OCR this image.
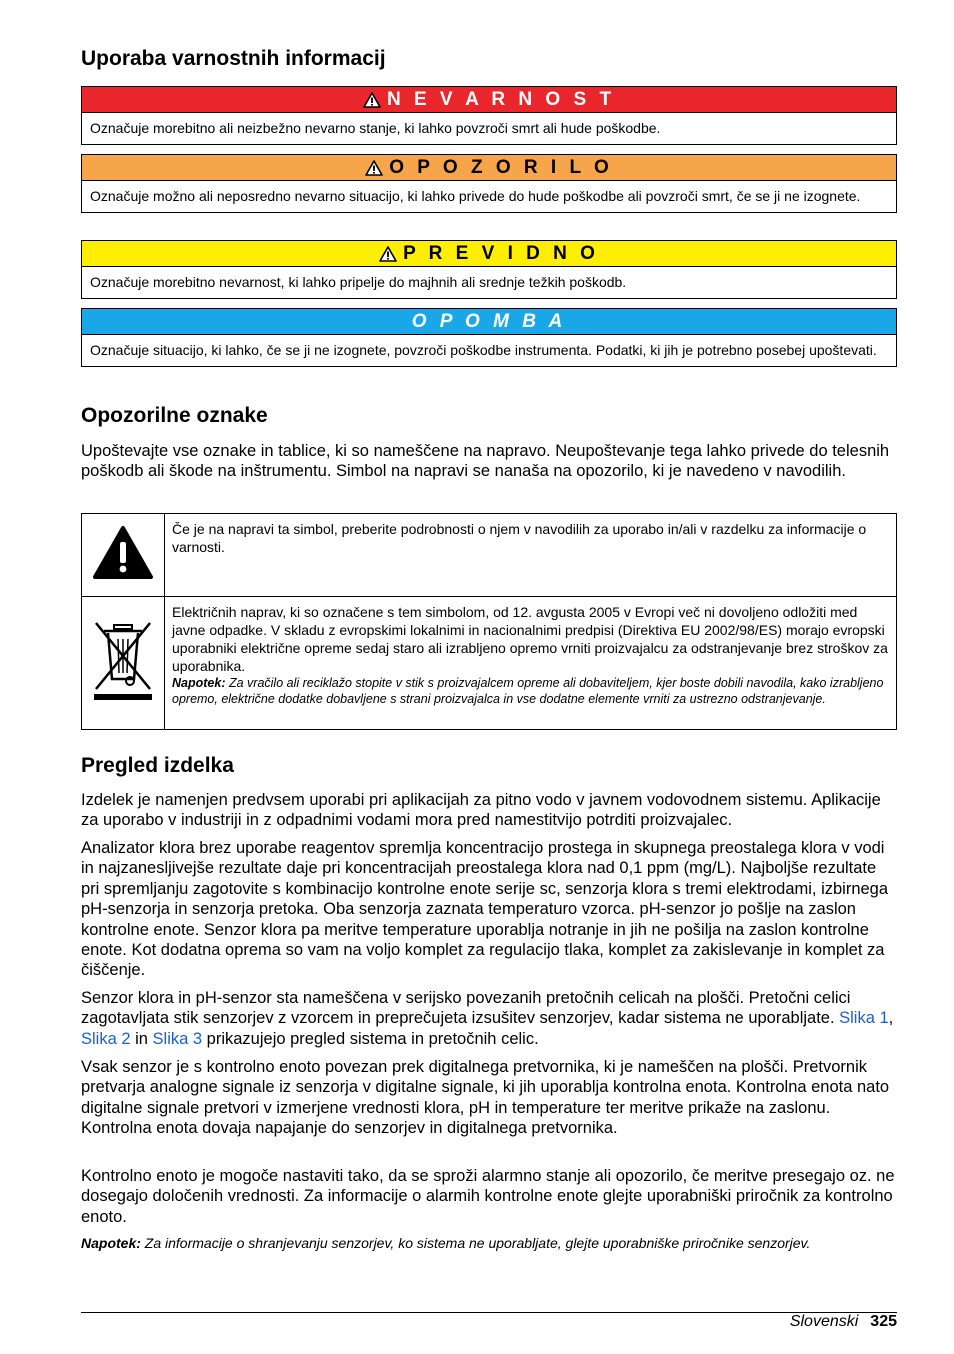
Uporaba varnostnih informacij
N E V A R N O S T
Označuje morebitno ali neizbežno nevarno stanje, ki lahko povzroči smrt ali hude poškodbe.
O P O Z O R I L O
Označuje možno ali neposredno nevarno situacijo, ki lahko privede do hude poškodbe ali povzroči smrt, če se ji ne izognete.
P R E V I D N O
Označuje morebitno nevarnost, ki lahko pripelje do majhnih ali srednje težkih poškodb.
O P O M B A
Označuje situacijo, ki lahko, če se ji ne izognete, povzroči poškodbe instrumenta. Podatki, ki jih je potrebno posebej upoštevati.
Opozorilne oznake

Upoštevajte vse oznake in tablice, ki so nameščene na napravo. Neupoštevanje tega lahko privede do telesnih poškodb ali škode na inštrumentu. Simbol na napravi se nanaša na opozorilo, ki je navedeno v navodilih.

	Če je na napravi ta simbol, preberite podrobnosti o njem v navodilih za uporabo in/ali v razdelku za informacije o varnosti.

Električnih naprav, ki so označene s tem simbolom, od 12. avgusta 2005 v Evropi več ni dovoljeno odložiti med javne odpadke. V skladu z evropskimi lokalnimi in nacionalnimi predpisi (Direktiva EU 2002/98/ES) morajo evropski uporabniki električne opreme sedaj staro ali izrabljeno opremo vrniti proizvajalcu za odstranjevanje brez stroškov za uporabnika.
Napotek: Za vračilo ali reciklažo stopite v stik s proizvajalcem opreme ali dobaviteljem, kjer boste dobili navodila, kako izrabljeno opremo, električne dodatke dobavljene s strani proizvajalca in vse dodatne elemente vrniti za ustrezno odstranjevanje.
Pregled izdelka

Izdelek je namenjen predvsem uporabi pri aplikacijah za pitno vodo v javnem vodovodnem sistemu. Aplikacije za uporabo v industriji in z odpadnimi vodami mora pred namestitvijo potrditi proizvajalec.

Analizator klora brez uporabe reagentov spremlja koncentracijo prostega in skupnega preostalega klora v vodi in najzanesljivejše rezultate daje pri koncentracijah preostalega klora nad 0,1 ppm (mg/L). Najboljše rezultate pri spremljanju zagotovite s kombinacijo kontrolne enote serije sc, senzorja klora s tremi elektrodami, izbirnega pH-senzorja in senzorja pretoka. Oba senzorja zaznata temperaturo vzorca. pH-senzor jo pošlje na zaslon kontrolne enote. Senzor klora pa meritve temperature uporablja notranje in jih ne pošilja na zaslon kontrolne enote. Kot dodatna oprema so vam na voljo komplet za regulacijo tlaka, komplet za zakislevanje in komplet za čiščenje.

Senzor klora in pH-senzor sta nameščena v serijsko povezanih pretočnih celicah na plošči. Pretočni celici zagotavljata stik senzorjev z vzorcem in preprečujeta izsušitev senzorjev, kadar sistema ne uporabljate. Slika 1, Slika 2 in Slika 3 prikazujejo pregled sistema in pretočnih celic.

Vsak senzor je s kontrolno enoto povezan prek digitalnega pretvornika, ki je nameščen na plošči. Pretvornik pretvarja analogne signale iz senzorja v digitalne signale, ki jih uporablja kontrolna enota. Kontrolna enota nato digitalne signale pretvori v izmerjene vrednosti klora, pH in temperature ter meritve prikaže na zaslonu. Kontrolna enota dovaja napajanje do senzorjev in digitalnega pretvornika.

Kontrolno enoto je mogoče nastaviti tako, da se sproži alarmno stanje ali opozorilo, če meritve presegajo oz. ne dosegajo določenih vrednosti. Za informacije o alarmih kontrolne enote glejte uporabniški priročnik za kontrolno enoto.

Napotek: Za informacije o shranjevanju senzorjev, ko sistema ne uporabljate, glejte uporabniške priročnike senzorjev.

Slovenski 325
